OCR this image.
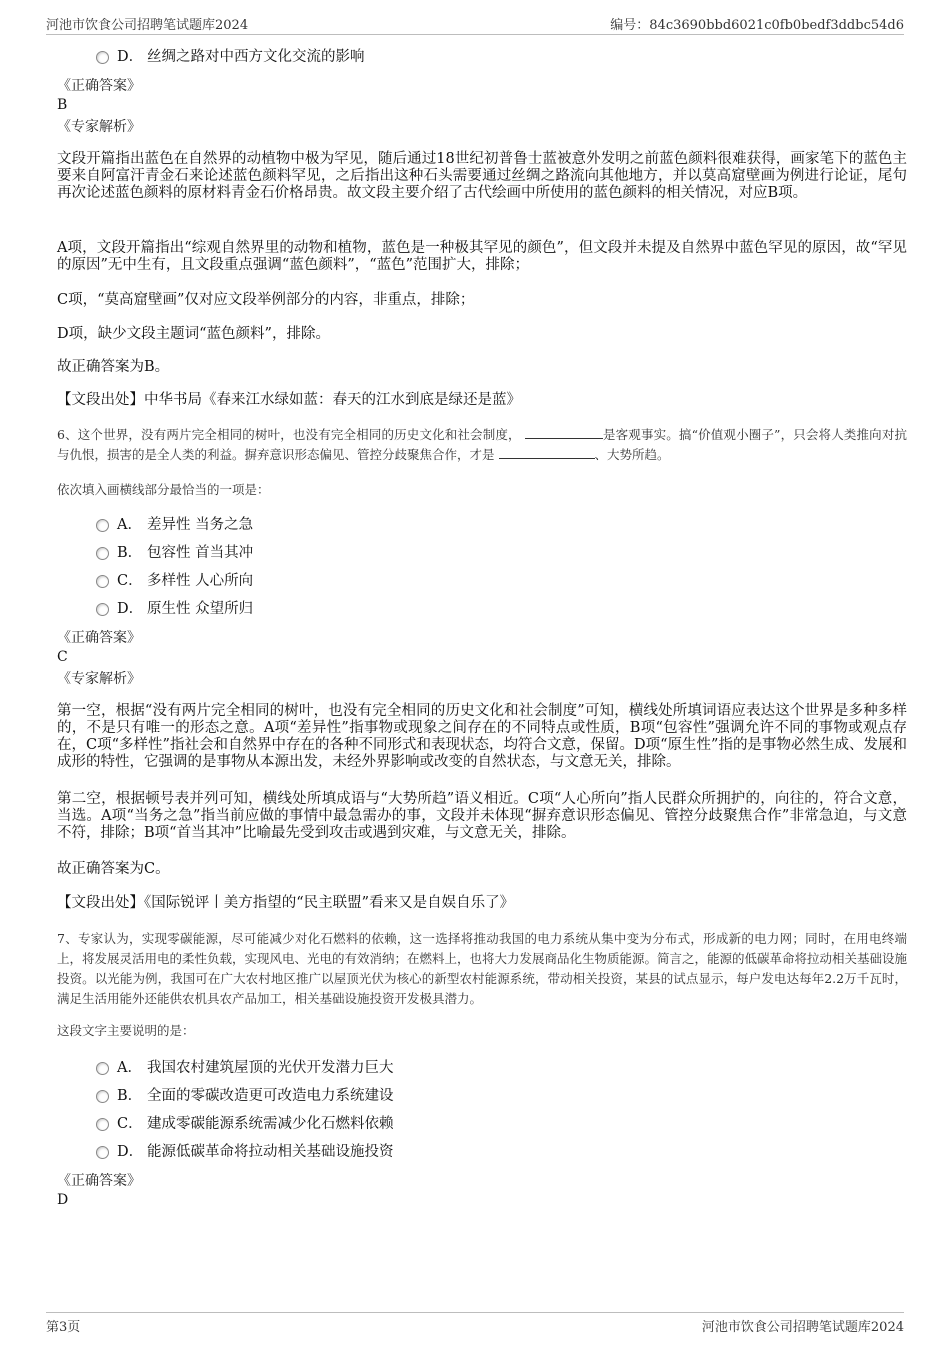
河池市饮食公司招聘笔试题库2024	编号：84c3690bbd6021c0fb0bedf3ddbc54d6
D． 丝绸之路对中西方文化交流的影响
《正确答案》
B
《专家解析》
文段开篇指出蓝色在自然界的动植物中极为罕见，随后通过18世纪初普鲁士蓝被意外发明之前蓝色颜料很难获得，画家笔下的蓝色主要来自阿富汗青金石来论述蓝色颜料罕见，之后指出这种石头需要通过丝绸之路流向其他地方，并以莫高窟壁画为例进行论证，尾句再次论述蓝色颜料的原材料青金石价格昂贵。故文段主要介绍了古代绘画中所使用的蓝色颜料的相关情况，对应B项。
A项，文段开篇指出“综观自然界里的动物和植物，蓝色是一种极其罕见的颜色”，但文段并未提及自然界中蓝色罕见的原因，故“罕见的原因”无中生有，且文段重点强调“蓝色颜料”，“蓝色”范围扩大，排除；
C项，“莫高窟壁画”仅对应文段举例部分的内容，非重点，排除；
D项，缺少文段主题词“蓝色颜料”，排除。
故正确答案为B。
【文段出处】中华书局《春来江水绿如蓝：春天的江水到底是绿还是蓝》
6、这个世界，没有两片完全相同的树叶，也没有完全相同的历史文化和社会制度，	是客观事实。搞“价值观小圈子”，只会将人类推向对抗与仇恨，损害的是全人类的利益。摒弃意识形态偏见、管控分歧聚焦合作，才是	、大势所趋。
依次填入画横线部分最恰当的一项是：
A． 差异性 当务之急
B． 包容性 首当其冲
C． 多样性 人心所向
D． 原生性 众望所归
《正确答案》
C
《专家解析》
第一空，根据“没有两片完全相同的树叶，也没有完全相同的历史文化和社会制度”可知，横线处所填词语应表达这个世界是多种多样的，不是只有唯一的形态之意。A项“差异性”指事物或现象之间存在的不同特点或性质，B项“包容性”强调允许不同的事物或观点存在，C项“多样性”指社会和自然界中存在的各种不同形式和表现状态，均符合文意，保留。D项“原生性”指的是事物必然生成、发展和成形的特性，它强调的是事物从本源出发，未经外界影响或改变的自然状态，与文意无关，排除。
第二空，根据顿号表并列可知，横线处所填成语与“大势所趋”语义相近。C项“人心所向”指人民群众所拥护的，向往的，符合文意，当选。A项“当务之急”指当前应做的事情中最急需办的事，文段并未体现“摒弃意识形态偏见、管控分歧聚焦合作”非常急迫，与文意不符，排除；B项“首当其冲”比喻最先受到攻击或遇到灾难，与文意无关，排除。
故正确答案为C。
【文段出处】《国际锐评丨美方指望的“民主联盟”看来又是自娱自乐了》
7、专家认为，实现零碳能源，尽可能减少对化石燃料的依赖，这一选择将推动我国的电力系统从集中变为分布式，形成新的电力网；同时，在用电终端上，将发展灵活用电的柔性负载，实现风电、光电的有效消纳；在燃料上，也将大力发展商品化生物质能源。简言之，能源的低碳革命将拉动相关基础设施投资。以光能为例，我国可在广大农村地区推广以屋顶光伏为核心的新型农村能源系统，带动相关投资，某县的试点显示，每户发电达每年2.2万千瓦时，满足生活用能外还能供农机具农产品加工，相关基础设施投资开发极具潜力。
这段文字主要说明的是：
A． 我国农村建筑屋顶的光伏开发潜力巨大
B． 全面的零碳改造更可改造电力系统建设
C． 建成零碳能源系统需减少化石燃料依赖
D． 能源低碳革命将拉动相关基础设施投资
《正确答案》
D
第3页	河池市饮食公司招聘笔试题库2024
